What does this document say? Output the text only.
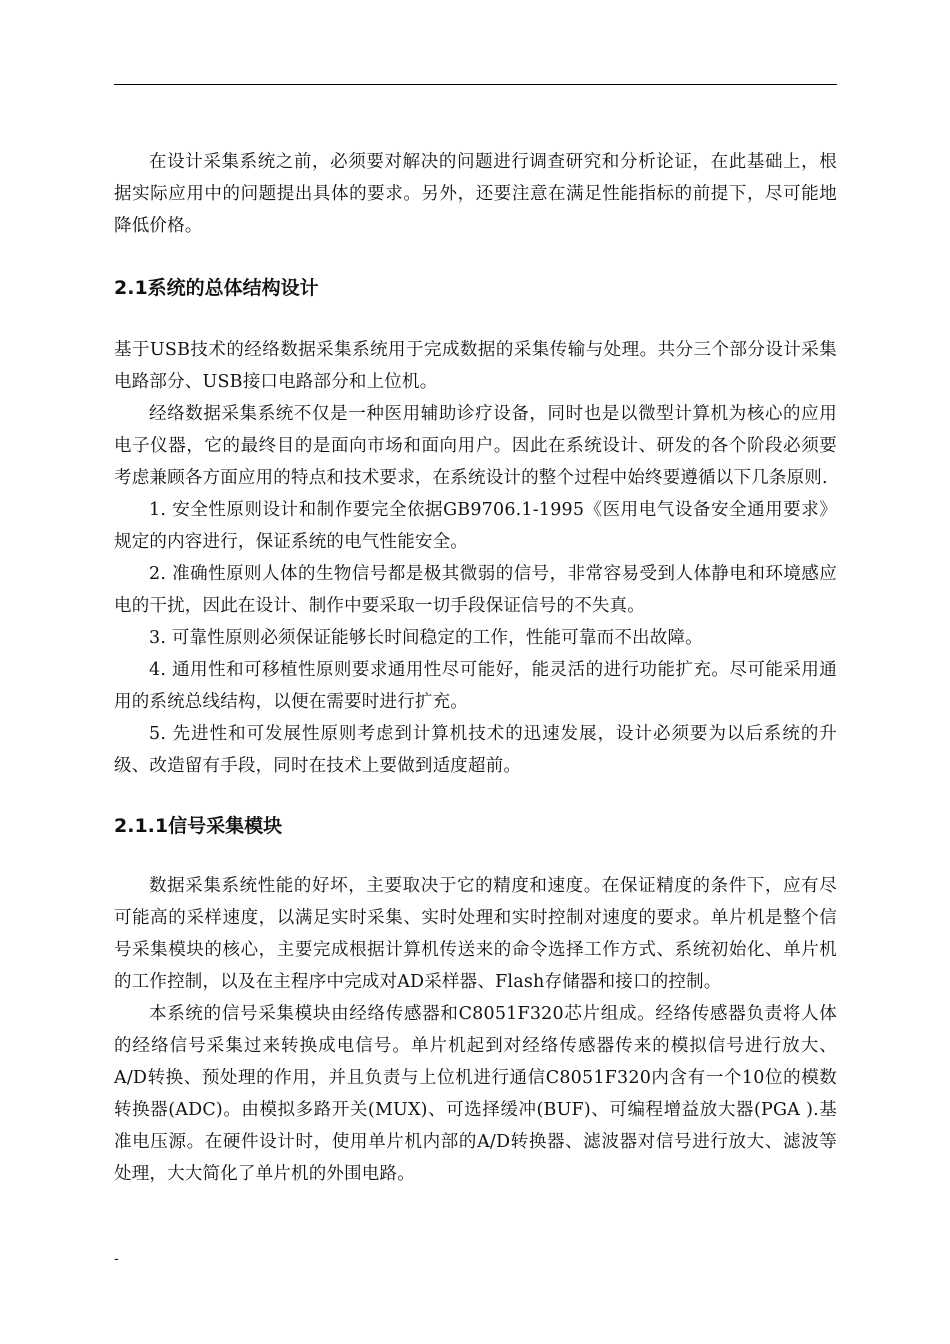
在设计采集系统之前，必须要对解决的问题进行调查研究和分析论证，在此基础上，根据实际应用中的问题提出具体的要求。另外，还要注意在满足性能指标的前提下，尽可能地降低价格。

2.1系统的总体结构设计

基于USB技术的经络数据采集系统用于完成数据的采集传输与处理。共分三个部分设计采集电路部分、USB接口电路部分和上位机。

经络数据采集系统不仅是一种医用辅助诊疗设备，同时也是以微型计算机为核心的应用电子仪器，它的最终目的是面向市场和面向用户。因此在系统设计、研发的各个阶段必须要考虑兼顾各方面应用的特点和技术要求，在系统设计的整个过程中始终要遵循以下几条原则.

1. 安全性原则设计和制作要完全依据GB9706.1-1995《医用电气设备安全通用要求》规定的内容进行，保证系统的电气性能安全。

2. 准确性原则人体的生物信号都是极其微弱的信号，非常容易受到人体静电和环境感应电的干扰，因此在设计、制作中要采取一切手段保证信号的不失真。

3. 可靠性原则必须保证能够长时间稳定的工作，性能可靠而不出故障。

4. 通用性和可移植性原则要求通用性尽可能好，能灵活的进行功能扩充。尽可能采用通用的系统总线结构，以便在需要时进行扩充。

5. 先进性和可发展性原则考虑到计算机技术的迅速发展，设计必须要为以后系统的升级、改造留有手段，同时在技术上要做到适度超前。

2.1.1信号采集模块

数据采集系统性能的好坏，主要取决于它的精度和速度。在保证精度的条件下，应有尽可能高的采样速度，以满足实时采集、实时处理和实时控制对速度的要求。单片机是整个信号采集模块的核心，主要完成根据计算机传送来的命令选择工作方式、系统初始化、单片机的工作控制，以及在主程序中完成对AD采样器、Flash存储器和接口的控制。

本系统的信号采集模块由经络传感器和C8051F320芯片组成。经络传感器负责将人体的经络信号采集过来转换成电信号。单片机起到对经络传感器传来的模拟信号进行放大、A/D转换、预处理的作用，并且负责与上位机进行通信C8051F320内含有一个10位的模数转换器(ADC)。由模拟多路开关(MUX)、可选择缓冲(BUF)、可编程增益放大器(PGA ).基准电压源。在硬件设计时，使用单片机内部的A/D转换器、滤波器对信号进行放大、滤波等处理，大大简化了单片机的外围电路。

-
